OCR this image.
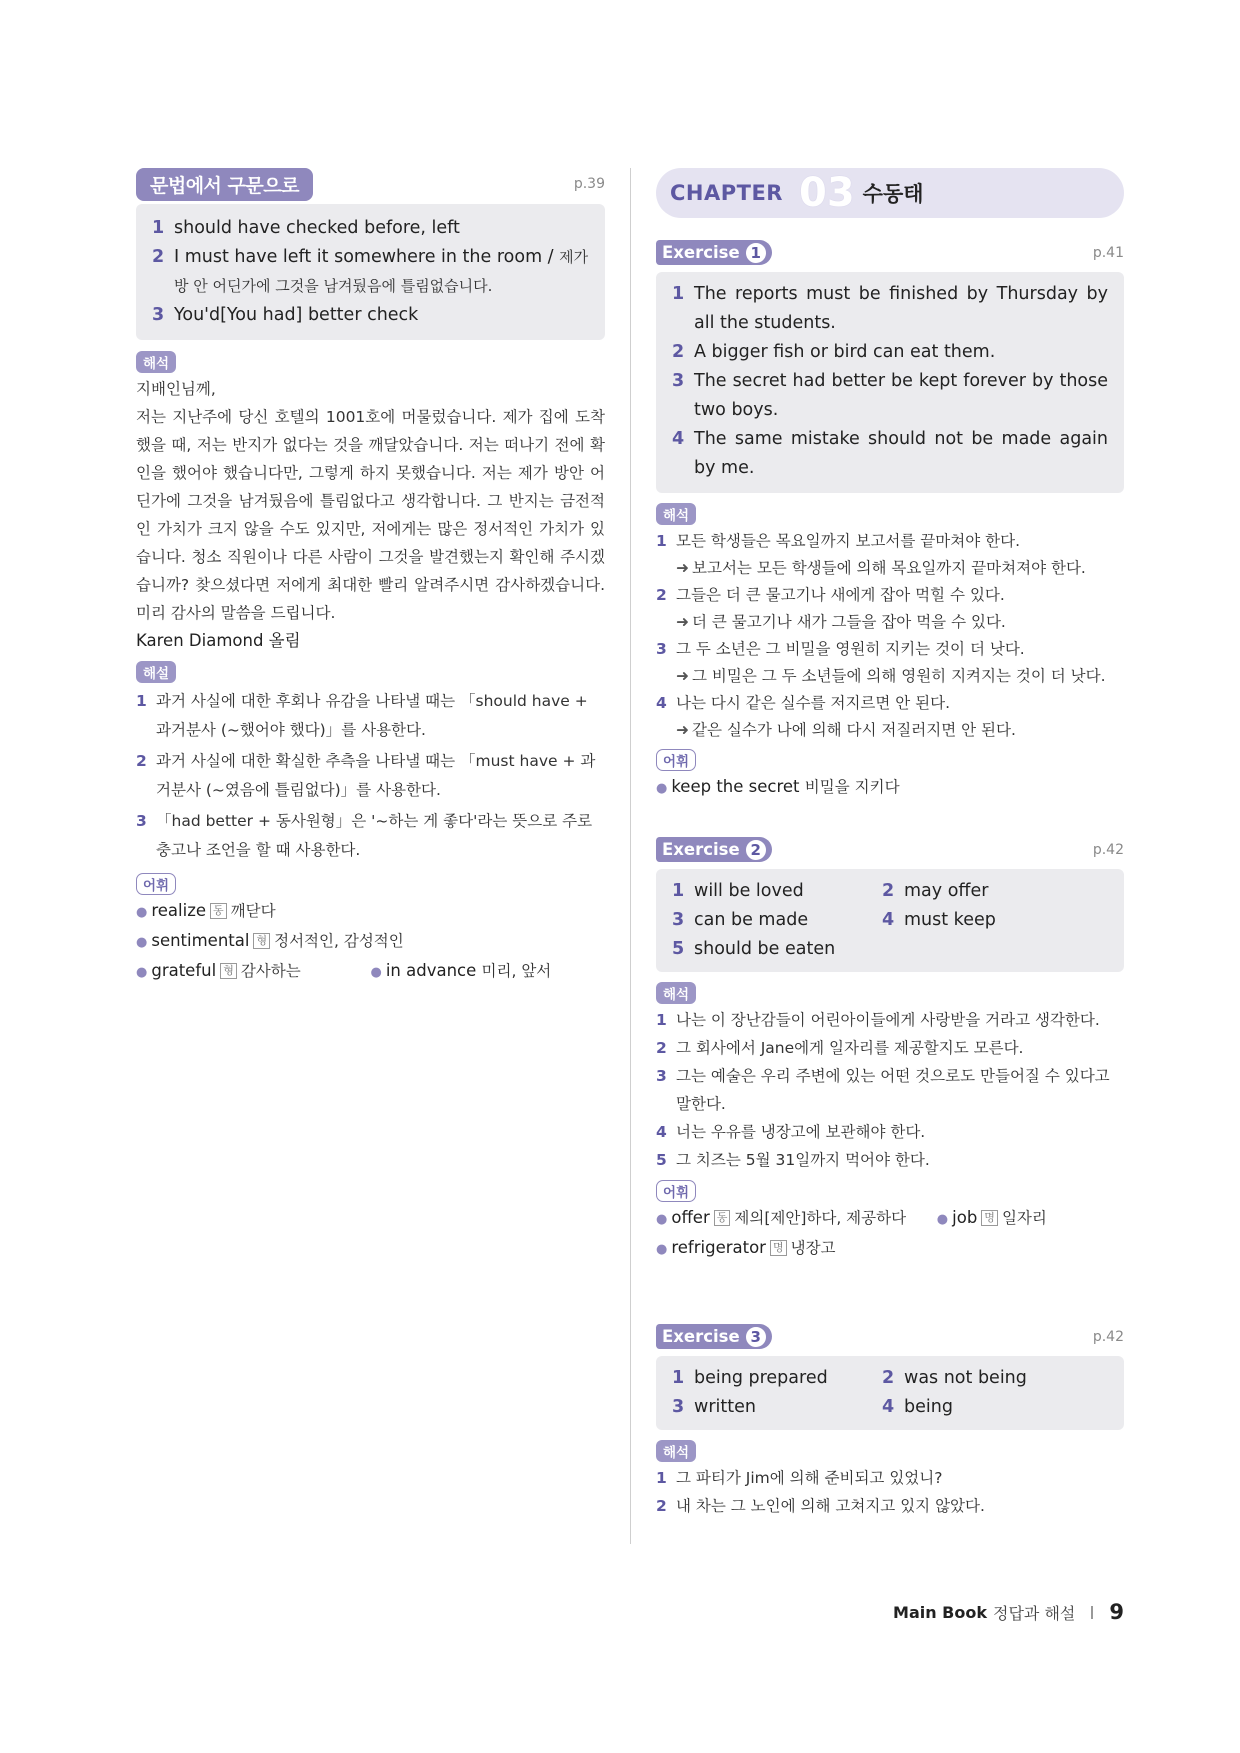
문법에서 구문으로	p.39
1 should have checked before, left
2 I must have left it somewhere in the room / 제가 방 안 어딘가에 그것을 남겨뒀음에 틀림없습니다.
3 You'd[You had] better check
해석
지배인님께,
저는 지난주에 당신 호텔의 1001호에 머물렀습니다. 제가 집에 도착했을 때, 저는 반지가 없다는 것을 깨달았습니다. 저는 떠나기 전에 확인을 했어야 했습니다만, 그렇게 하지 못했습니다. 저는 제가 방안 어딘가에 그것을 남겨뒀음에 틀림없다고 생각합니다. 그 반지는 금전적인 가치가 크지 않을 수도 있지만, 저에게는 많은 정서적인 가치가 있습니다. 청소 직원이나 다른 사람이 그것을 발견했는지 확인해 주시겠습니까? 찾으셨다면 저에게 최대한 빨리 알려주시면 감사하겠습니다. 미리 감사의 말씀을 드립니다.
Karen Diamond 올림
해설
1 과거 사실에 대한 후회나 유감을 나타낼 때는 「should have + 과거분사 (~했어야 했다)」를 사용한다.
2 과거 사실에 대한 확실한 추측을 나타낼 때는 「must have + 과거분사 (~였음에 틀림없다)」를 사용한다.
3 「had better + 동사원형」은 '~하는 게 좋다'라는 뜻으로 주로 충고나 조언을 할 때 사용한다.
어휘
● realize 동 깨닫다
● sentimental 형 정서적인, 감성적인
● grateful 형 감사하는	● in advance 미리, 앞서
CHAPTER 03 수동태
Exercise 1	p.41
1 The reports must be finished by Thursday by all the students.
2 A bigger fish or bird can eat them.
3 The secret had better be kept forever by those two boys.
4 The same mistake should not be made again by me.
해석
1 모든 학생들은 목요일까지 보고서를 끝마쳐야 한다.
➜ 보고서는 모든 학생들에 의해 목요일까지 끝마쳐져야 한다.
2 그들은 더 큰 물고기나 새에게 잡아 먹힐 수 있다.
➜ 더 큰 물고기나 새가 그들을 잡아 먹을 수 있다.
3 그 두 소년은 그 비밀을 영원히 지키는 것이 더 낫다.
➜ 그 비밀은 그 두 소년들에 의해 영원히 지켜지는 것이 더 낫다.
4 나는 다시 같은 실수를 저지르면 안 된다.
➜ 같은 실수가 나에 의해 다시 저질러지면 안 된다.
어휘
● keep the secret 비밀을 지키다
Exercise 2	p.42
1 will be loved	2 may offer
3 can be made	4 must keep
5 should be eaten
해석
1 나는 이 장난감들이 어린아이들에게 사랑받을 거라고 생각한다.
2 그 회사에서 Jane에게 일자리를 제공할지도 모른다.
3 그는 예술은 우리 주변에 있는 어떤 것으로도 만들어질 수 있다고 말한다.
4 너는 우유를 냉장고에 보관해야 한다.
5 그 치즈는 5월 31일까지 먹어야 한다.
어휘
● offer 동 제의[제안]하다, 제공하다	● job 명 일자리
● refrigerator 명 냉장고
Exercise 3	p.42
1 being prepared	2 was not being
3 written	4 being
해석
1 그 파티가 Jim에 의해 준비되고 있었니?
2 내 차는 그 노인에 의해 고쳐지고 있지 않았다.
Main Book 정답과 해설 9
